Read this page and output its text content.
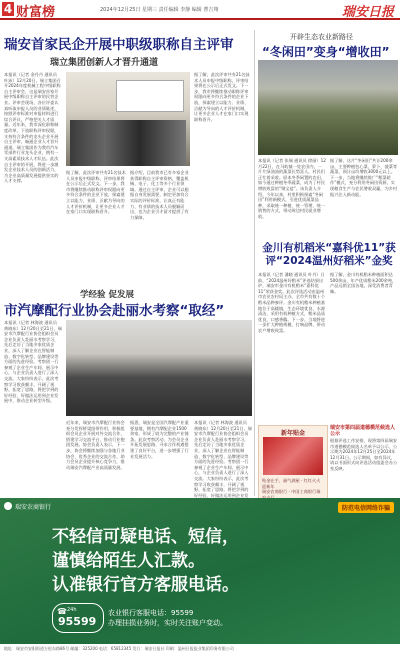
4 财富榜	2024年12月25日 星期三 责任编辑 李静 编辑 曹吉翔	瑞安日报
瑞安首家民企开展中职级职称自主评审
瑞立集团创新人才晋升通道
本报讯（记者 金丹丹 通讯员 叶沛）12月20日，瑞立集团召开2024年度机械工程中级职称自主评审会，这是瑞安首家开展中级职称自主评审的民营企业。评审会现场，各位评委认真听取申报人员的业绩陈述，按照评审标准对申报材料进行综合评议，严格把关人才质量。近年来，我市深化职称制度改革，下放职称评审权限，支持符合条件的龙头企业开展自主评审，畅通企业人才晋升通道。瑞立集团作为我市汽车零部件行业龙头企业，拥有一支高素质技术人才队伍。此次自主评审的开展，将进一步激发企业技术人员的创新活力，为企业高质量发展提供坚实的人才支撑。
据了解，此次评审共有21名技术人员申报中级职称，评审结果将在公示后正式发文。下一步，我市将继续推动职称评审权限向更多符合条件的企业下放，探索建立以能力、业绩、贡献为导向的人才评价机制，让更多企业人才在家门口实现职称晋升。
据介绍，目前我市已有多家企业获得职称自主评审资格，覆盖机械、电子、化工等多个行业领域。通过自主评审，企业可以根据自身发展需要，制定更加符合实际的评价标准，让真正有能力、有业绩的技术人员脱颖而出，也为企业引才留才提供了有力保障。
据了解，此次评审共有21名技术人员申报中级职称，评审结果将在公示后正式发文。下一步，我市将继续推动职称评审权限向更多符合条件的企业下放，探索建立以能力、业绩、贡献为导向的人才评价机制，让更多企业人才在家门口实现职称晋升。
开辟生态农业新路径
“冬闲田”变身“增收田”
本报讯（记者 张瑞 通讯员 徐丽）12月22日，在马屿镇一处农田内，一片片绿油油的蔬菜长势喜人，村民们正忙着采收。原本冬季闲置的农田，如今通过种植冬季蔬菜，成为了村民增收致富的“聚宝盆”。该负责人介绍，今年以来，村里积极探索“冬闲田”利用新模式，引进优质蔬菜品种，采取统一种植、统一管理、统一销售的方式，带动周边村民就业增收。
据了解，这片“冬闲田”共计200余亩，主要种植包心菜、萝卜、菠菜等蔬菜，预计亩均增收3000元以上。下一步，当地将继续推广“稻菜轮作”模式，充分利用冬闲田资源，实现粮食生产与农民增收双赢，为乡村振兴注入新动能。
学经验 促发展
市汽摩配行业协会赴丽水考察“取经”
本报讯（记者 林海波 通讯员 黄晓东）12月20日至21日，瑞安市汽摩配行业协会组织会员企业负责人赴丽水考察学习，先后走访了当地多家优质企业，深入了解企业在智能制造、数字化转型、品牌建设等方面的先进经验。考察团一行参观了企业生产车间、展示中心，与企业负责人进行了深入交流。大家纷纷表示，此次考察学习收获颇丰，开阔了视野，拓宽了思路，将把学到的好经验、好做法运用到企业发展中，推动企业转型升级。
近年来，瑞安市汽摩配行业协会充分发挥桥梁纽带作用，积极组织会员企业开展对外交流合作，搭建学习交流平台，推动行业抱团发展。协会负责人表示，下一步，协会将继续加强与各地行业协会、优秀企业的交流合作，助力会员企业提升核心竞争力，推动瑞安汽摩配产业高质量发展。
据悉，瑞安是全国汽摩配产业重要基地，拥有汽摩配企业1500余家，形成了较为完整的产业链条。此次考察活动，为会员企业开拓发展思路、寻求合作机遇搭建了良好平台，进一步增强了行业发展活力。
本报讯（记者 林海波 通讯员 黄晓东）12月20日至21日，瑞安市汽摩配行业协会组织会员企业负责人赴丽水考察学习，先后走访了当地多家优质企业，深入了解企业在智能制造、数字化转型、品牌建设等方面的先进经验。考察团一行参观了企业生产车间、展示中心，与企业负责人进行了深入交流。大家纷纷表示，此次考察学习收获颇丰，开阔了视野，拓宽了思路，将把学到的好经验、好做法运用到企业发
金川有机稻米“嘉科优11”获评“2024温州好稻米”金奖
本报讯（记者 潘晓 通讯员 叶丹）日前，“2024温州好稻米”评选结果出炉，瑞安市金川有机稻米“嘉科优11”荣获金奖。此次评选活动由温州市农业农村局主办，全市共有数十个稻米品种参评。金川有机稻米种植基地位于高楼镇，生态环境优良，水源清洁，采用有机种植方式，稻米品质优良，口感香糯。下一步，当地将进一步扩大种植规模，打响品牌，带动农户增收致富。
据了解，金川有机稻米种植面积达500余亩，年产优质稻米200余吨，产品远销全国各地，深受消费者青睐。
新年贴金
贴金在手，福气满屋 · 红红火火迎新年
瑞安农商银行 · 中国工商银行瑞
瑞安市第四届道德模范候选人公示
根据评选工作安排，现将第四届瑞安市道德模范候选人名单予以公示，公示期为2024年12月25日至2024年12月31日。公示期间，如有异议，请以书面形式向评选活动组委会办公室反映。
瑞安农商银行	防范电信网络诈骗
不轻信可疑电话、短信，
谨慎给陌生人汇款。
认准银行官方客服电话。
☎ 24h
95599
农业银行客服电话：95599
办理挂损业务时，实时关注账户变动。
地址：瑞安市安阳街道万松东路86号 邮编：325200 电话：65812345 发行：瑞安日报社 印刷：温州日报报业集团印务有限公司
